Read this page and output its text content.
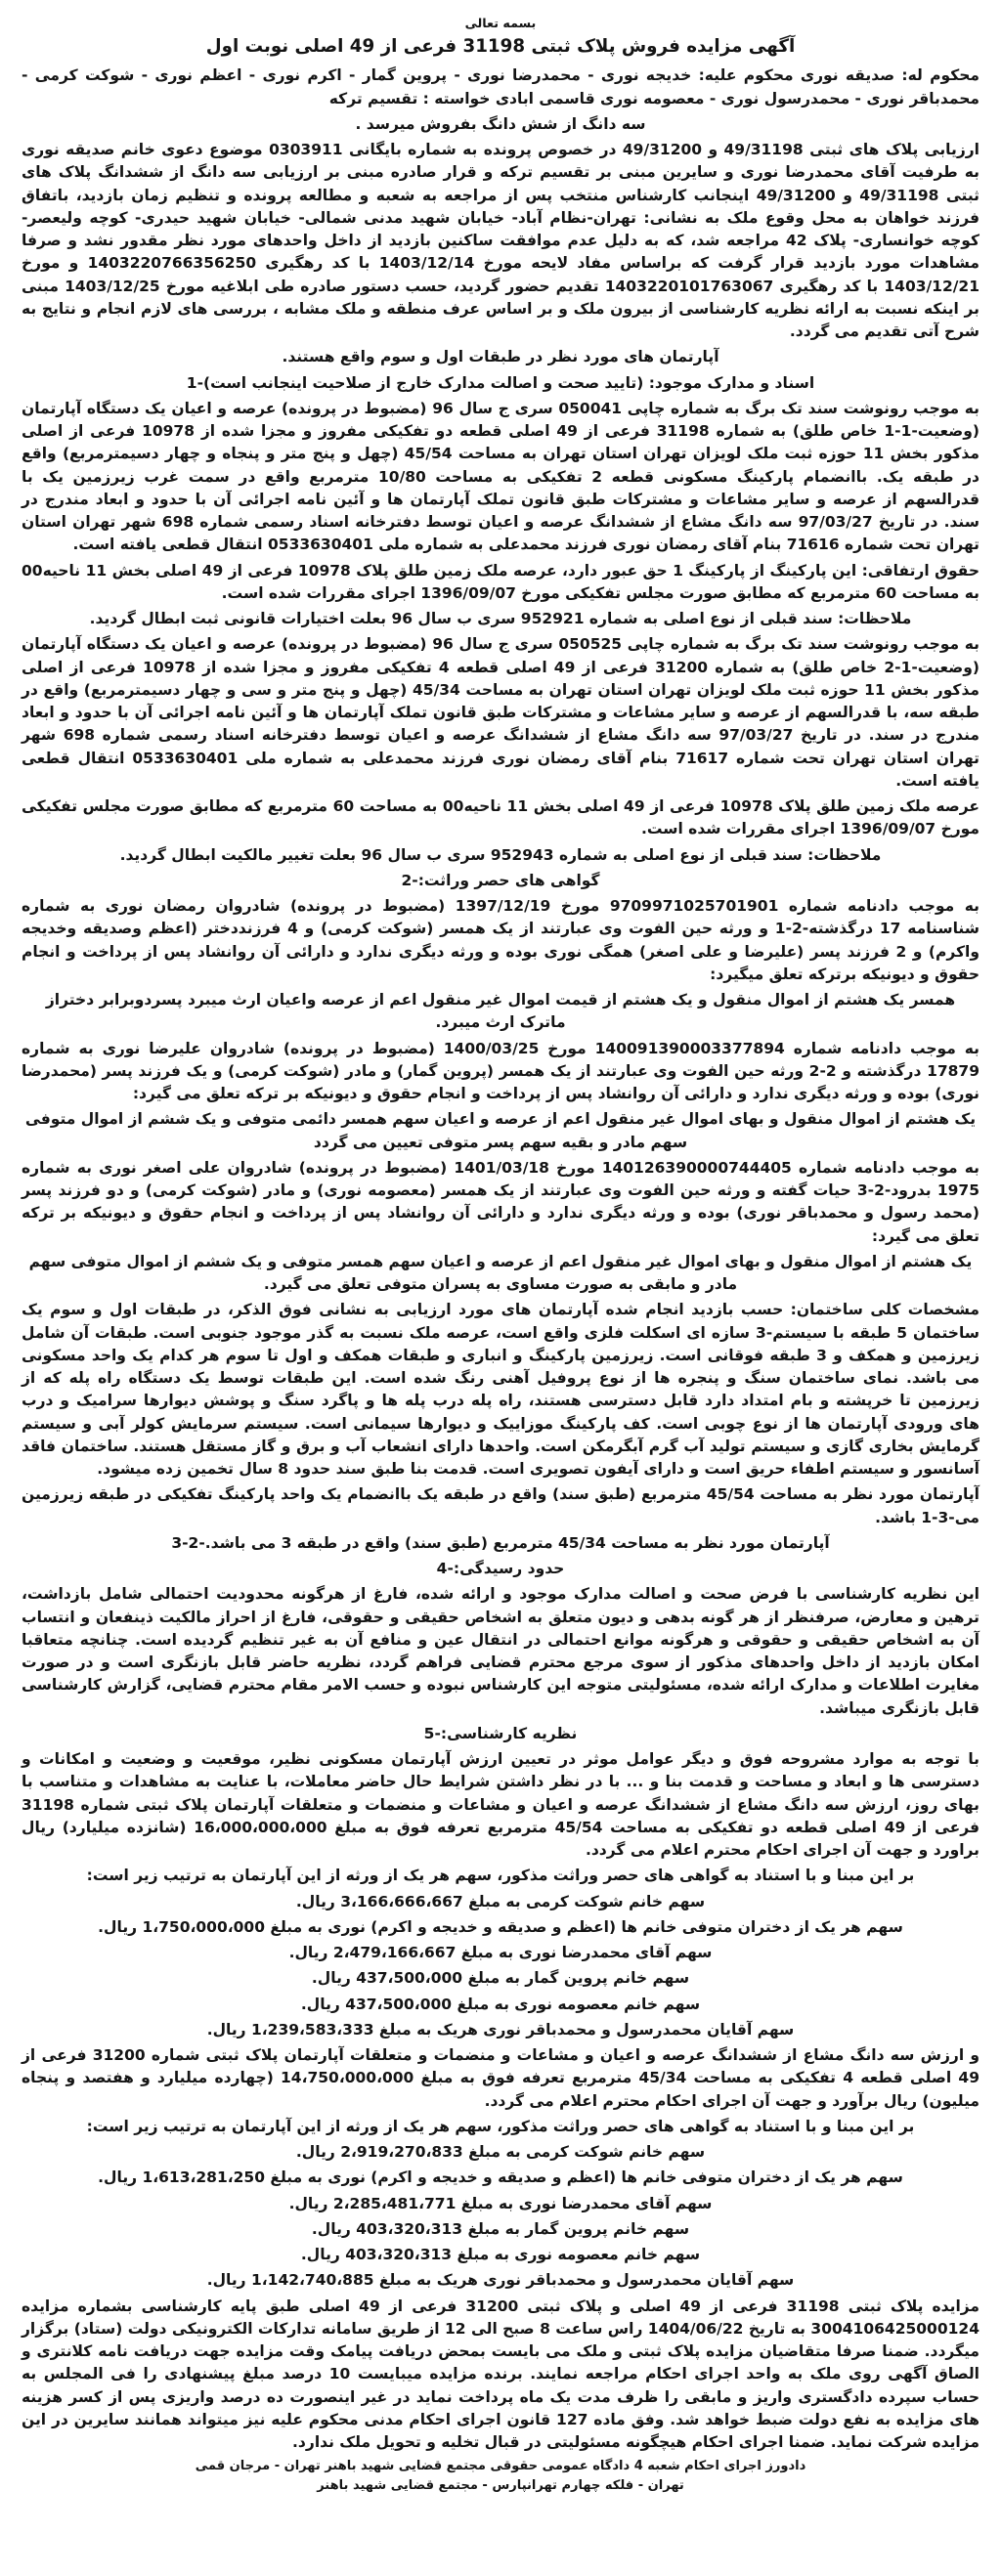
بسمه تعالی

آگهی مزایده فروش پلاک ثبتی 31198 فرعی از 49 اصلی نوبت اول

محکوم له: صدیقه نوری محکوم علیه: خدیجه نوری - محمدرضا نوری - پروین گمار - اکرم نوری - اعظم نوری - شوکت کرمی - محمدباقر نوری - محمدرسول نوری - معصومه نوری قاسمی ابادی خواسته : تقسیم ترکه

سه دانگ از شش دانگ بفروش میرسد .

ارزیابی پلاک های ثبتی 49/31198 و 49/31200 در خصوص پرونده به شماره بایگانی 0303911 موضوع دعوی خانم صدیقه نوری به طرفیت آقای محمدرضا نوری و سایرین مبنی بر تقسیم ترکه و قرار صادره مبنی بر ارزیابی سه دانگ از ششدانگ پلاک های ثبتی 49/31198 و 49/31200 اینجانب کارشناس منتخب پس از مراجعه به شعبه و مطالعه پرونده و تنظیم زمان بازدید، باتفاق فرزند خواهان به محل وقوع ملک به نشانی: تهران-نظام آباد- خیابان شهید مدنی شمالی- خیابان شهید حیدری- کوچه ولیعصر-کوچه خوانساری- پلاک 42 مراجعه شد، که به دلیل عدم موافقت ساکنین بازدید از داخل واحدهای مورد نظر مقدور نشد و صرفا مشاهدات مورد بازدید قرار گرفت که براساس مفاد لایحه مورخ 1403/12/14 با کد رهگیری 1403220766356250 و مورخ 1403/12/21 با کد رهگیری 1403220101763067 تقدیم حضور گردید، حسب دستور صادره طی ابلاغیه مورخ 1403/12/25 مبنی بر اینکه نسبت به ارائه نظریه کارشناسی از بیرون ملک و بر اساس عرف منطقه و ملک مشابه ، بررسی های لازم انجام و نتایج به شرح آتی تقدیم می گردد.

آپارتمان های مورد نظر در طبقات اول و سوم واقع هستند.

اسناد و مدارک موجود: (تایید صحت و اصالت مدارک خارج از صلاحیت اینجانب است)-1

به موجب رونوشت سند تک برگ به شماره چاپی 050041 سری ج سال 96 (مضبوط در پرونده) عرصه و اعیان یک دستگاه آپارتمان (وضعیت-1-1 خاص طلق) به شماره 31198 فرعی از 49 اصلی قطعه دو تفکیکی مفروز و مجزا شده از 10978 فرعی از اصلی مذکور بخش 11 حوزه ثبت ملک لویزان تهران استان تهران به مساحت 45/54 (چهل و پنج متر و پنجاه و چهار دسیمترمربع) واقع در طبقه یک. باانضمام پارکینگ مسکونی قطعه 2 تفکیکی به مساحت 10/80 مترمربع واقع در سمت غرب زیرزمین یک با قدرالسهم از عرصه و سایر مشاعات و مشترکات طبق قانون تملک آپارتمان ها و آئین نامه اجرائی آن با حدود و ابعاد مندرج در سند. در تاریخ 97/03/27 سه دانگ مشاع از ششدانگ عرصه و اعیان توسط دفترخانه اسناد رسمی شماره 698 شهر تهران استان تهران تحت شماره 71616 بنام آقای رمضان نوری فرزند محمدعلی به شماره ملی 0533630401 انتقال قطعی یافته است.

حقوق ارتفاقی: این پارکینگ از پارکینگ 1 حق عبور دارد، عرصه ملک زمین طلق پلاک 10978 فرعی از 49 اصلی بخش 11 ناحیه00 به مساحت 60 مترمربع که مطابق صورت مجلس تفکیکی مورخ 1396/09/07 اجرای مقررات شده است.

ملاحظات: سند قبلی از نوع اصلی به شماره 952921 سری ب سال 96 بعلت اختیارات قانونی ثبت ابطال گردید.

به موجب رونوشت سند تک برگ به شماره چاپی 050525 سری ج سال 96 (مضبوط در پرونده) عرصه و اعیان یک دستگاه آپارتمان (وضعیت-1-2 خاص طلق) به شماره 31200 فرعی از 49 اصلی قطعه 4 تفکیکی مفروز و مجزا شده از 10978 فرعی از اصلی مذکور بخش 11 حوزه ثبت ملک لویزان تهران استان تهران به مساحت 45/34 (چهل و پنج متر و سی و چهار دسیمترمربع) واقع در طبقه سه، با قدرالسهم از عرصه و سایر مشاعات و مشترکات طبق قانون تملک آپارتمان ها و آئین نامه اجرائی آن با حدود و ابعاد مندرج در سند. در تاریخ 97/03/27 سه دانگ مشاع از ششدانگ عرصه و اعیان توسط دفترخانه اسناد رسمی شماره 698 شهر تهران استان تهران تحت شماره 71617 بنام آقای رمضان نوری فرزند محمدعلی به شماره ملی 0533630401 انتقال قطعی یافته است.

عرصه ملک زمین طلق پلاک 10978 فرعی از 49 اصلی بخش 11 ناحیه00 به مساحت 60 مترمربع که مطابق صورت مجلس تفکیکی مورخ 1396/09/07 اجرای مقررات شده است.

ملاحظات: سند قبلی از نوع اصلی به شماره 952943 سری ب سال 96 بعلت تغییر مالکیت ابطال گردید.

گواهی های حصر وراثت:-2

به موجب دادنامه شماره 9709971025701901 مورخ 1397/12/19 (مضبوط در پرونده) شادروان رمضان نوری به شماره شناسنامه 17 درگذشته-2-1 و ورثه حین الفوت وی عبارتند از یک همسر (شوکت کرمی) و 4 فرزنددختر (اعظم وصدیقه وخدیجه واکرم) و 2 فرزند پسر (علیرضا و علی اصغر) همگی نوری بوده و ورثه دیگری ندارد و دارائی آن روانشاد پس از پرداخت و انجام حقوق و دیونیکه برترکه تعلق میگیرد:

همسر یک هشتم از اموال منقول و یک هشتم از قیمت اموال غیر منقول اعم از عرصه واعیان ارث میبرد پسردوبرابر دختراز ماترک ارث میبرد.

به موجب دادنامه شماره 140091390003377894 مورخ 1400/03/25 (مضبوط در پرونده) شادروان علیرضا نوری به شماره 17879 درگذشته و 2-2 ورثه حین الفوت وی عبارتند از یک همسر (پروین گمار) و مادر (شوکت کرمی) و یک فرزند پسر (محمدرضا نوری) بوده و ورثه دیگری ندارد و دارائی آن روانشاد پس از پرداخت و انجام حقوق و دیونیکه بر ترکه تعلق می گیرد:

یک هشتم از اموال منقول و بهای اموال غیر منقول اعم از عرصه و اعیان سهم همسر دائمی متوفی و یک ششم از اموال متوفی سهم مادر و بقیه سهم پسر متوفی تعیین می گردد

به موجب دادنامه شماره 140126390000744405 مورخ 1401/03/18 (مضبوط در پرونده) شادروان علی اصغر نوری به شماره 1975 بدرود-2-3 حیات گفته و ورثه حین الفوت وی عبارتند از یک همسر (معصومه نوری) و مادر (شوکت کرمی) و دو فرزند پسر (محمد رسول و محمدباقر نوری) بوده و ورثه دیگری ندارد و دارائی آن روانشاد پس از پرداخت و انجام حقوق و دیونیکه بر ترکه تعلق می گیرد:

یک هشتم از اموال منقول و بهای اموال غیر منقول اعم از عرصه و اعیان سهم همسر متوفی و یک ششم از اموال متوفی سهم مادر و مابقی به صورت مساوی به پسران متوفی تعلق می گیرد.

مشخصات کلی ساختمان: حسب بازدید انجام شده آپارتمان های مورد ارزیابی به نشانی فوق الذکر، در طبقات اول و سوم یک ساختمان 5 طبقه با سیستم-3 سازه ای اسکلت فلزی واقع است، عرصه ملک نسبت به گذر موجود جنوبی است. طبقات آن شامل زیرزمین و همکف و 3 طبقه فوقانی است. زیرزمین پارکینگ و انباری و طبقات همکف و اول تا سوم هر کدام یک واحد مسکونی می باشد. نمای ساختمان سنگ و پنجره ها از نوع پروفیل آهنی رنگ شده است. این طبقات توسط یک دستگاه راه پله که از زیرزمین تا خرپشته و بام امتداد دارد قابل دسترسی هستند، راه پله درب پله ها و پاگرد سنگ و پوشش دیوارها سرامیک و درب های ورودی آپارتمان ها از نوع چوبی است. کف پارکینگ موزاییک و دیوارها سیمانی است. سیستم سرمایش کولر آبی و سیستم گرمایش بخاری گازی و سیستم تولید آب گرم آبگرمکن است. واحدها دارای انشعاب آب و برق و گاز مستقل هستند. ساختمان فاقد آسانسور و سیستم اطفاء حریق است و دارای آیفون تصویری است. قدمت بنا طبق سند حدود 8 سال تخمین زده میشود.

آپارتمان مورد نظر به مساحت 45/54 مترمربع (طبق سند) واقع در طبقه یک باانضمام یک واحد پارکینگ تفکیکی در طبقه زیرزمین می-3-1 باشد.

آپارتمان مورد نظر به مساحت 45/34 مترمربع (طبق سند) واقع در طبقه 3 می باشد.-2-3

حدود رسیدگی:-4

این نظریه کارشناسی با فرض صحت و اصالت مدارک موجود و ارائه شده، فارغ از هرگونه محدودیت احتمالی شامل بازداشت، ترهین و معارض، صرفنظر از هر گونه بدهی و دیون متعلق به اشخاص حقیقی و حقوقی، فارغ از احراز مالکیت ذینفعان و انتساب آن به اشخاص حقیقی و حقوقی و هرگونه موانع احتمالی در انتقال عین و منافع آن به غیر تنظیم گردیده است. چنانچه متعاقبا امکان بازدید از داخل واحدهای مذکور از سوی مرجع محترم قضایی فراهم گردد، نظریه حاضر قابل بازنگری است و در صورت مغایرت اطلاعات و مدارک ارائه شده، مسئولیتی متوجه این کارشناس نبوده و حسب الامر مقام محترم قضایی، گزارش کارشناسی قابل بازنگری میباشد.

نظریه کارشناسی:-5

با توجه به موارد مشروحه فوق و دیگر عوامل موثر در تعیین ارزش آپارتمان مسکونی نظیر، موقعیت و وضعیت و امکانات و دسترسی ها و ابعاد و مساحت و قدمت بنا و ... با در نظر داشتن شرایط حال حاضر معاملات، با عنایت به مشاهدات و متناسب با بهای روز، ارزش سه دانگ مشاع از ششدانگ عرصه و اعیان و مشاعات و منضمات و متعلقات آپارتمان پلاک ثبتی شماره 31198 فرعی از 49 اصلی قطعه دو تفکیکی به مساحت 45/54 مترمربع تعرفه فوق به مبلغ 16،000،000،000 (شانزده میلیارد) ریال براورد و جهت آن اجرای احکام محترم اعلام می گردد.

بر این مبنا و با استناد به گواهی های حصر وراثت مذکور، سهم هر یک از ورثه از این آپارتمان به ترتیب زیر است:

سهم خانم شوکت کرمی به مبلغ 3،166،666،667 ریال.

سهم هر یک از دختران متوفی خانم ها (اعظم و صدیقه و خدیجه و اکرم) نوری به مبلغ 1،750،000،000 ریال.

سهم آقای محمدرضا نوری به مبلغ 2،479،166،667 ریال.

سهم خانم پروین گمار به مبلغ 437،500،000 ریال.

سهم خانم معصومه نوری به مبلغ 437،500،000 ریال.

سهم آقایان محمدرسول و محمدباقر نوری هریک به مبلغ 1،239،583،333 ریال.

و ارزش سه دانگ مشاع از ششدانگ عرصه و اعیان و مشاعات و منضمات و متعلقات آپارتمان پلاک ثبتی شماره 31200 فرعی از 49 اصلی قطعه 4 تفکیکی به مساحت 45/34 مترمربع تعرفه فوق به مبلغ 14،750،000،000 (چهارده میلیارد و هفتصد و پنجاه میلیون) ریال برآورد و جهت آن اجرای احکام محترم اعلام می گردد.

بر این مبنا و با استناد به گواهی های حصر وراثت مذکور، سهم هر یک از ورثه از این آپارتمان به ترتیب زیر است:

سهم خانم شوکت کرمی به مبلغ 2،919،270،833 ریال.

سهم هر یک از دختران متوفی خانم ها (اعظم و صدیقه و خدیجه و اکرم) نوری به مبلغ 1،613،281،250 ریال.

سهم آقای محمدرضا نوری به مبلغ 2،285،481،771 ریال.

سهم خانم پروین گمار به مبلغ 403،320،313 ریال.

سهم خانم معصومه نوری به مبلغ 403،320،313 ریال.

سهم آقایان محمدرسول و محمدباقر نوری هریک به مبلغ 1،142،740،885 ریال.

مزایده پلاک ثبتی 31198 فرعی از 49 اصلی و پلاک ثبتی 31200 فرعی از 49 اصلی طبق پایه کارشناسی بشماره مزایده 3004106425000124 به تاریخ 1404/06/22 راس ساعت 8 صبح الی 12 از طریق سامانه تدارکات الکترونیکی دولت (ستاد) برگزار میگردد. ضمنا صرفا متقاضیان مزایده پلاک ثبتی و ملک می بایست بمحض دریافت پیامک وقت مزایده جهت دریافت نامه کلانتری و الصاق آگهی روی ملک به واحد اجرای احکام مراجعه نمایند. برنده مزایده میبایست 10 درصد مبلغ پیشنهادی را فی المجلس به حساب سپرده دادگستری واریز و مابقی را ظرف مدت یک ماه پرداخت نماید در غیر اینصورت ده درصد واریزی پس از کسر هزینه های مزایده به نفع دولت ضبط خواهد شد. وفق ماده 127 قانون اجرای احکام مدنی محکوم علیه نیز میتواند همانند سایرین در این مزایده شرکت نماید. ضمنا اجرای احکام هیچگونه مسئولیتی در قبال تخلیه و تحویل ملک ندارد.

دادورز اجرای احکام شعبه 4 دادگاه عمومی حقوقی مجتمع قضایی شهید باهنر تهران - مرجان قمی

تهران - فلکه چهارم تهرانپارس - مجتمع قضایی شهید باهنر
